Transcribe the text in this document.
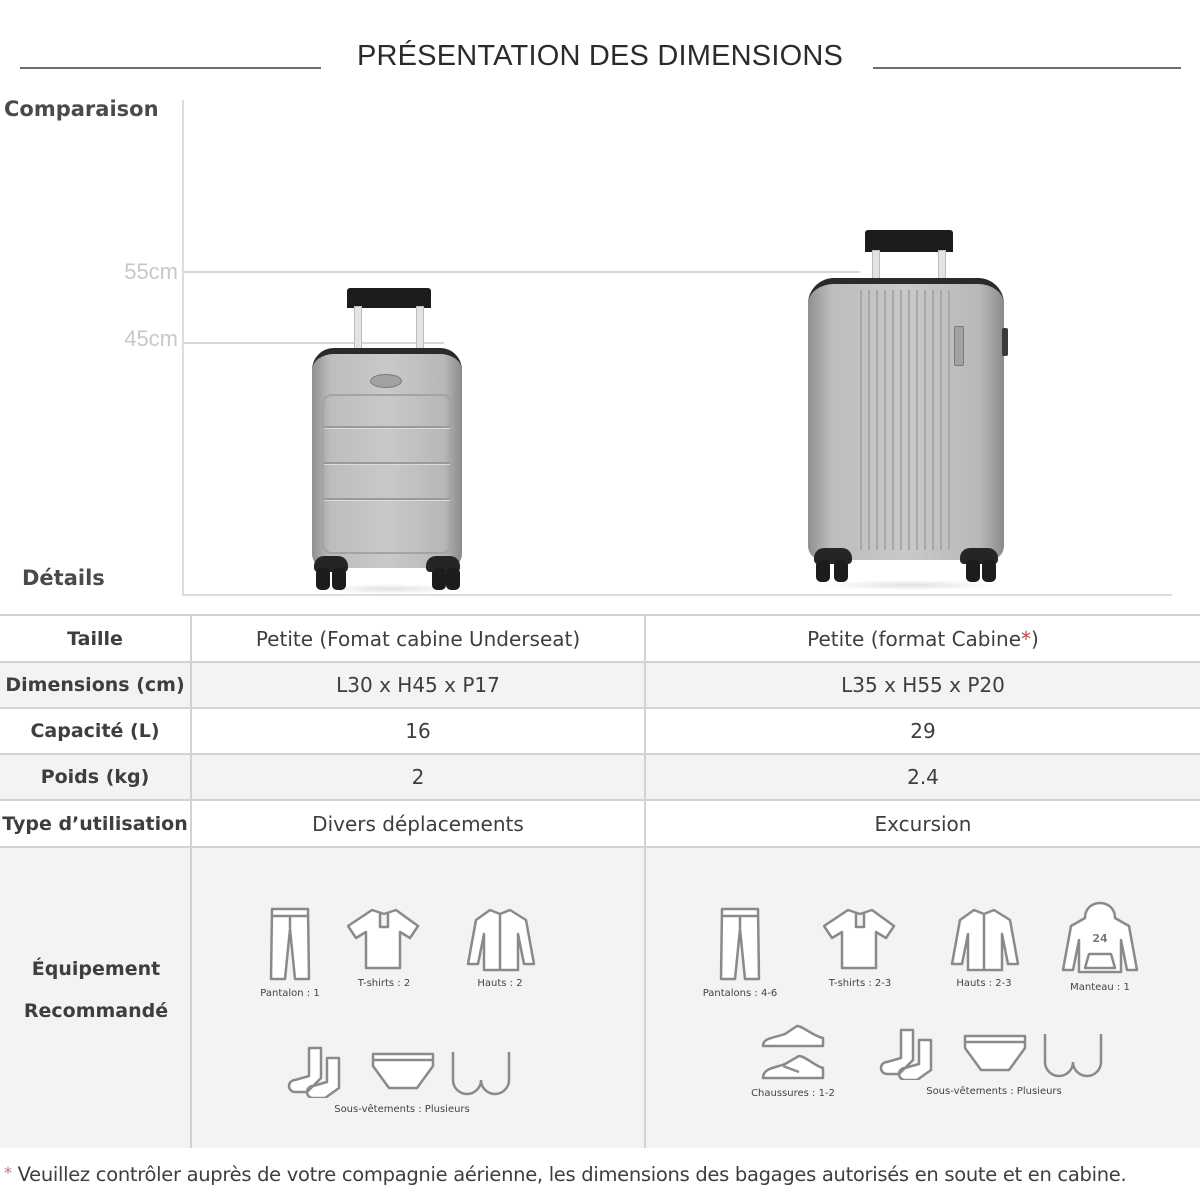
PRÉSENTATION DES DIMENSIONS
Comparaison
55cm
45cm
Détails
Taille	Petite (Fomat cabine Underseat)	Petite (format Cabine * )
Dimensions (cm)	L30 x H45 x P17	L35 x H55 x P20
Capacité (L)	16	29
Poids (kg)	2	2.4
Type d’utilisation	Divers déplacements	Excursion
Équipement
Recommandé
Pantalon : 1
T-shirts : 2	Hauts : 2
Sous-vêtements : Plusieurs
Pantalons : 4-6
T-shirts : 2-3	Hauts : 2-3
24
Manteau : 1
Chaussures : 1-2	Sous-vêtements : Plusieurs
* Veuillez contrôler auprès de votre compagnie aérienne, les dimensions des bagages autorisés en soute et en cabine.
